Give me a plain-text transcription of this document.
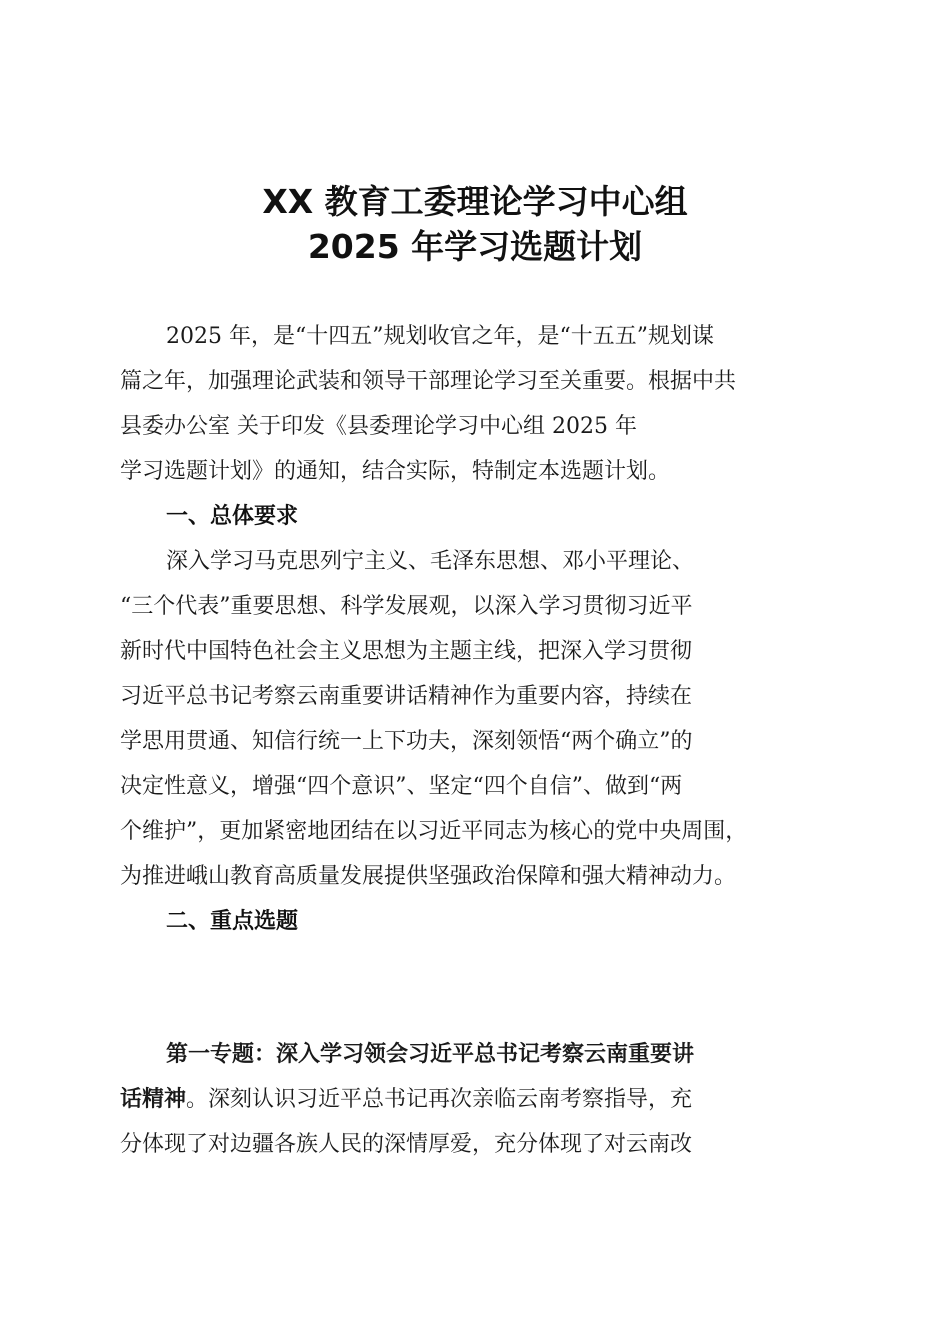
XX 教育工委理论学习中心组
2025 年学习选题计划
2025 年，是“十四五”规划收官之年，是“十五五”规划谋
篇之年，加强理论武装和领导干部理论学习至关重要。根据中共
县委办公室 关于印发《县委理论学习中心组 2025 年
学习选题计划》的通知，结合实际，特制定本选题计划。
一、总体要求
深入学习马克思列宁主义、毛泽东思想、邓小平理论、
“三个代表”重要思想、科学发展观，以深入学习贯彻习近平
新时代中国特色社会主义思想为主题主线，把深入学习贯彻
习近平总书记考察云南重要讲话精神作为重要内容，持续在
学思用贯通、知信行统一上下功夫，深刻领悟“两个确立”的
决定性意义，增强“四个意识”、坚定“四个自信”、做到“两
个维护”，更加紧密地团结在以习近平同志为核心的党中央周围，
为推进峨山教育高质量发展提供坚强政治保障和强大精神动力。
二、重点选题
第一专题：深入学习领会习近平总书记考察云南重要讲
话精神。深刻认识习近平总书记再次亲临云南考察指导，充
分体现了对边疆各族人民的深情厚爱，充分体现了对云南改
